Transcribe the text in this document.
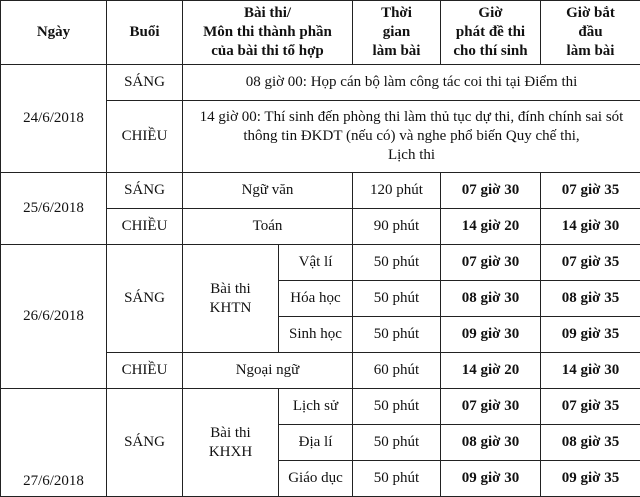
Ngày	Buổi	Bài thi/
Môn thi thành phần
của bài thi tổ hợp		Thời
gian
làm bài	Giờ
phát đề thi
cho thí sinh	Giờ bắt
đầu
làm bài

24/6/2018	SÁNG	08 giờ 00: Họp cán bộ làm công tác coi thi tại Điểm thi				
	CHIỀU	14 giờ 00: Thí sinh đến phòng thi làm thủ tục dự thi, đính chính sai sót
thông tin ĐKDT (nếu có) và nghe phổ biến Quy chế thi,
Lịch thi				

25/6/2018	SÁNG	Ngữ văn		120 phút	07 giờ 30	07 giờ 35
	CHIỀU	Toán		90 phút	14 giờ 20	14 giờ 30
26/6/2018	SÁNG	Bài thi
KHTN	Vật lí	50 phút	07 giờ 30	07 giờ 35
			Hóa học	50 phút	08 giờ 30	08 giờ 35
			Sinh học	50 phút	09 giờ 30	09 giờ 35
	CHIỀU	Ngoại ngữ		60 phút	14 giờ 20	14 giờ 30
27/6/2018	SÁNG	Bài thi
KHXH	Lịch sử	50 phút	07 giờ 30	07 giờ 35
			Địa lí	50 phút	08 giờ 30	08 giờ 35
			Giáo dục	50 phút	09 giờ 30	09 giờ 35
